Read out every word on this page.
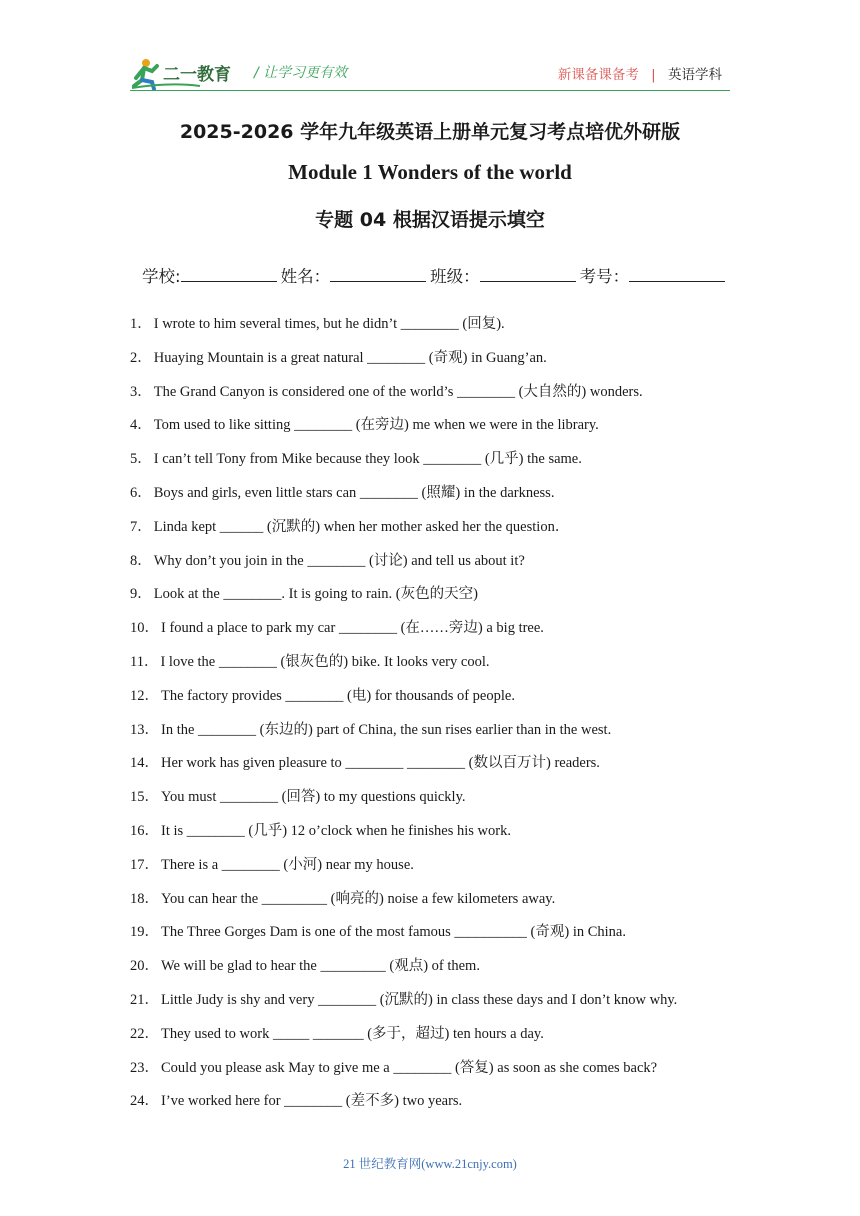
二一教育 / 让学习更有效	新课备课备考 | 英语学科
2025-2026 学年九年级英语上册单元复习考点培优外研版
Module 1 Wonders of the world
专题 04 根据汉语提示填空
学校:	姓名：	班级：	考号：
1． I wrote to him several times, but he didn’t ________ (回复).
2． Huaying Mountain is a great natural ________ (奇观) in Guang’an.
3． The Grand Canyon is considered one of the world’s ________ (大自然的) wonders.
4． Tom used to like sitting ________ (在旁边) me when we were in the library.
5． I can’t tell Tony from Mike because they look ________ (几乎) the same.
6． Boys and girls, even little stars can ________ (照耀) in the darkness.
7． Linda kept ______ (沉默的) when her mother asked her the question．
8． Why don’t you join in the ________ (讨论) and tell us about it?
9． Look at the ________. It is going to rain. (灰色的天空)
10． I found a place to park my car ________ (在……旁边) a big tree.
11． I love the ________ (银灰色的) bike. It looks very cool.
12． The factory provides ________ (电) for thousands of people.
13． In the ________ (东边的) part of China, the sun rises earlier than in the west.
14． Her work has given pleasure to ________ ________ (数以百万计) readers.
15． You must ________ (回答) to my questions quickly.
16． It is ________ (几乎) 12 o’clock when he finishes his work.
17． There is a ________ (小河) near my house.
18． You can hear the _________ (响亮的) noise a few kilometers away.
19． The Three Gorges Dam is one of the most famous __________ (奇观) in China.
20． We will be glad to hear the _________ (观点) of them.
21． Little Judy is shy and very ________ (沉默的) in class these days and I don’t know why.
22． They used to work _____ _______ (多于，超过) ten hours a day.
23． Could you please ask May to give me a ________ (答复) as soon as she comes back?
24． I’ve worked here for ________ (差不多) two years.
21 世纪教育网(www.21cnjy.com)
